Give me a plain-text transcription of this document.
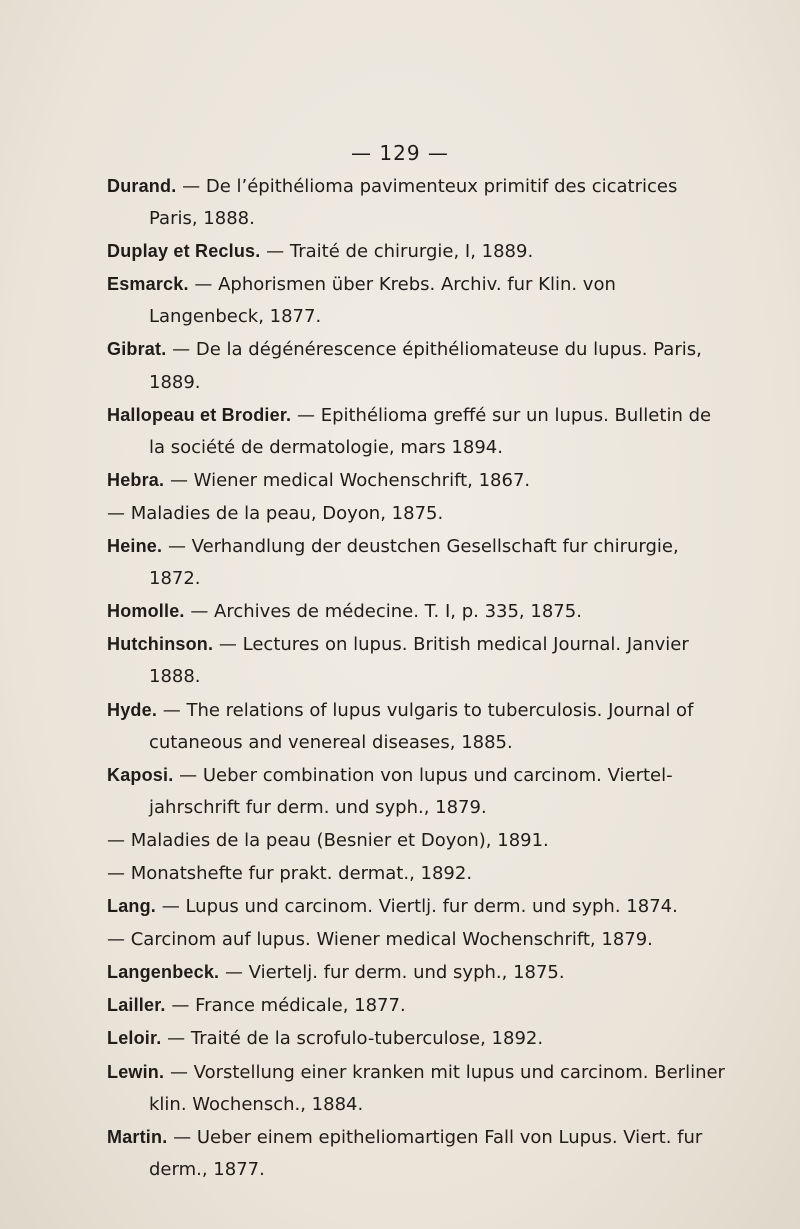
— 129 —

Durand. — De l’épithélioma pavimenteux primitif des cicatrices Paris, 1888.

Duplay et Reclus. — Traité de chirurgie, I, 1889.

Esmarck. — Aphorismen über Krebs. Archiv. fur Klin. von Langenbeck, 1877.

Gibrat. — De la dégénérescence épithéliomateuse du lupus. Paris, 1889.

Hallopeau et Brodier. — Epithélioma greffé sur un lupus. Bulletin de la société de dermatologie, mars 1894.

Hebra. — Wiener medical Wochenschrift, 1867.

— Maladies de la peau, Doyon, 1875.

Heine. — Verhandlung der deustchen Gesellschaft fur chirurgie, 1872.

Homolle. — Archives de médecine. T. I, p. 335, 1875.

Hutchinson. — Lectures on lupus. British medical Journal. Janvier 1888.

Hyde. — The relations of lupus vulgaris to tuberculosis. Journal of cutaneous and venereal diseases, 1885.

Kaposi. — Ueber combination von lupus und carcinom. Viertel-jahrschrift fur derm. und syph., 1879.

— Maladies de la peau (Besnier et Doyon), 1891.

— Monatshefte fur prakt. dermat., 1892.

Lang. — Lupus und carcinom. Viertlj. fur derm. und syph. 1874.

— Carcinom auf lupus. Wiener medical Wochenschrift, 1879.

Langenbeck. — Viertelj. fur derm. und syph., 1875.

Lailler. — France médicale, 1877.

Leloir. — Traité de la scrofulo-tuberculose, 1892.

Lewin. — Vorstellung einer kranken mit lupus und carcinom. Berliner klin. Wochensch., 1884.

Martin. — Ueber einem epitheliomartigen Fall von Lupus. Viert. fur derm., 1877.
